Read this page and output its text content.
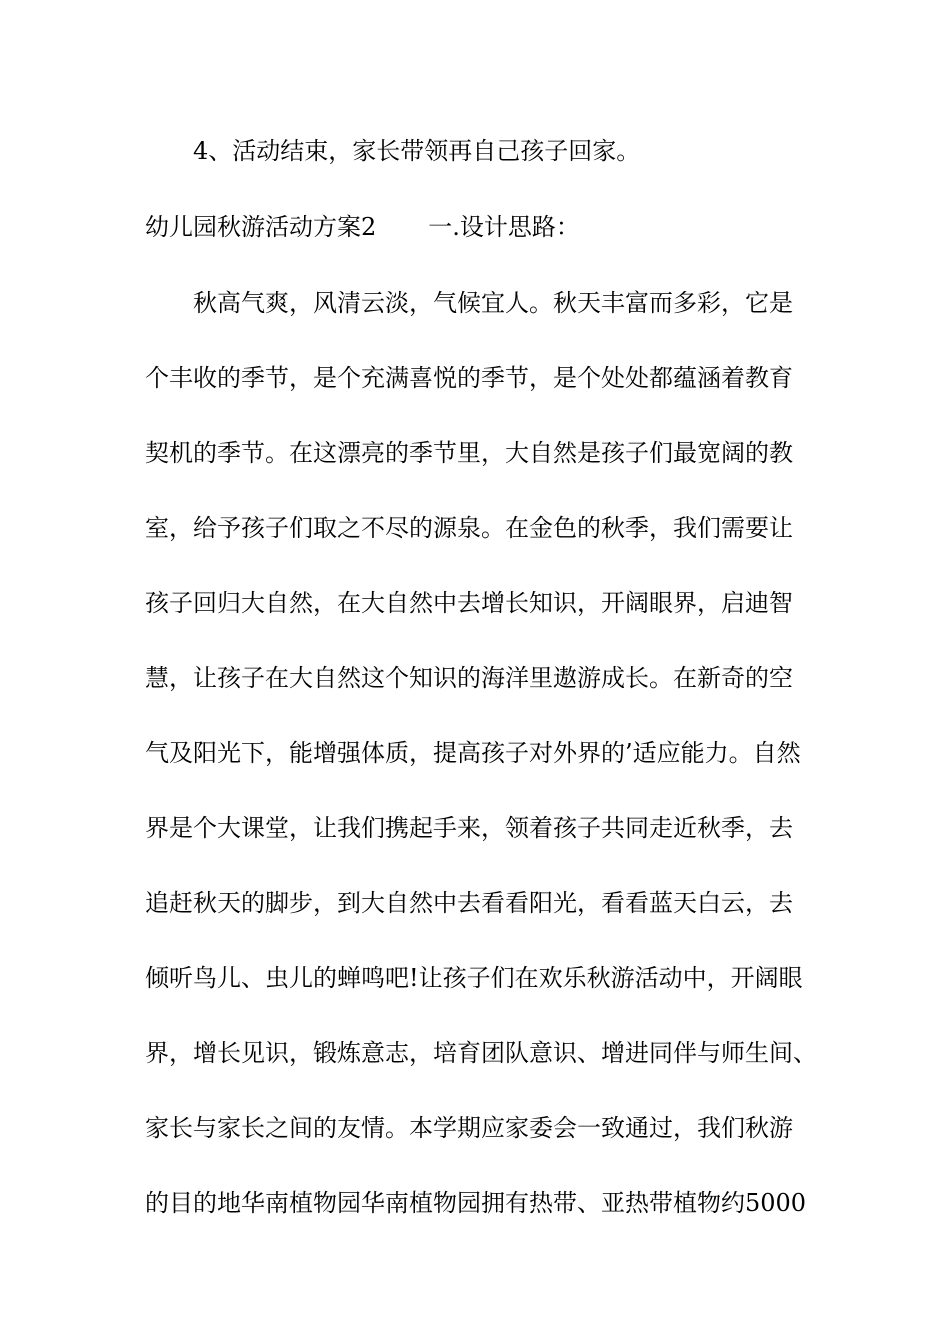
4、活动结束，家长带领再自己孩子回家。
幼儿园秋游活动方案2 一.设计思路：
秋高气爽，风清云淡，气候宜人。秋天丰富而多彩，它是
个丰收的季节，是个充满喜悦的季节，是个处处都蕴涵着教育
契机的季节。在这漂亮的季节里，大自然是孩子们最宽阔的教
室，给予孩子们取之不尽的源泉。在金色的秋季，我们需要让
孩子回归大自然，在大自然中去增长知识，开阔眼界，启迪智
慧，让孩子在大自然这个知识的海洋里遨游成长。在新奇的空
气及阳光下，能增强体质，提高孩子对外界的’适应能力。自然
界是个大课堂，让我们携起手来，领着孩子共同走近秋季，去
追赶秋天的脚步，到大自然中去看看阳光，看看蓝天白云，去
倾听鸟儿、虫儿的蝉鸣吧!让孩子们在欢乐秋游活动中，开阔眼
界，增长见识，锻炼意志，培育团队意识、增进同伴与师生间、
家长与家长之间的友情。本学期应家委会一致通过，我们秋游
的目的地华南植物园华南植物园拥有热带、亚热带植物约5000
